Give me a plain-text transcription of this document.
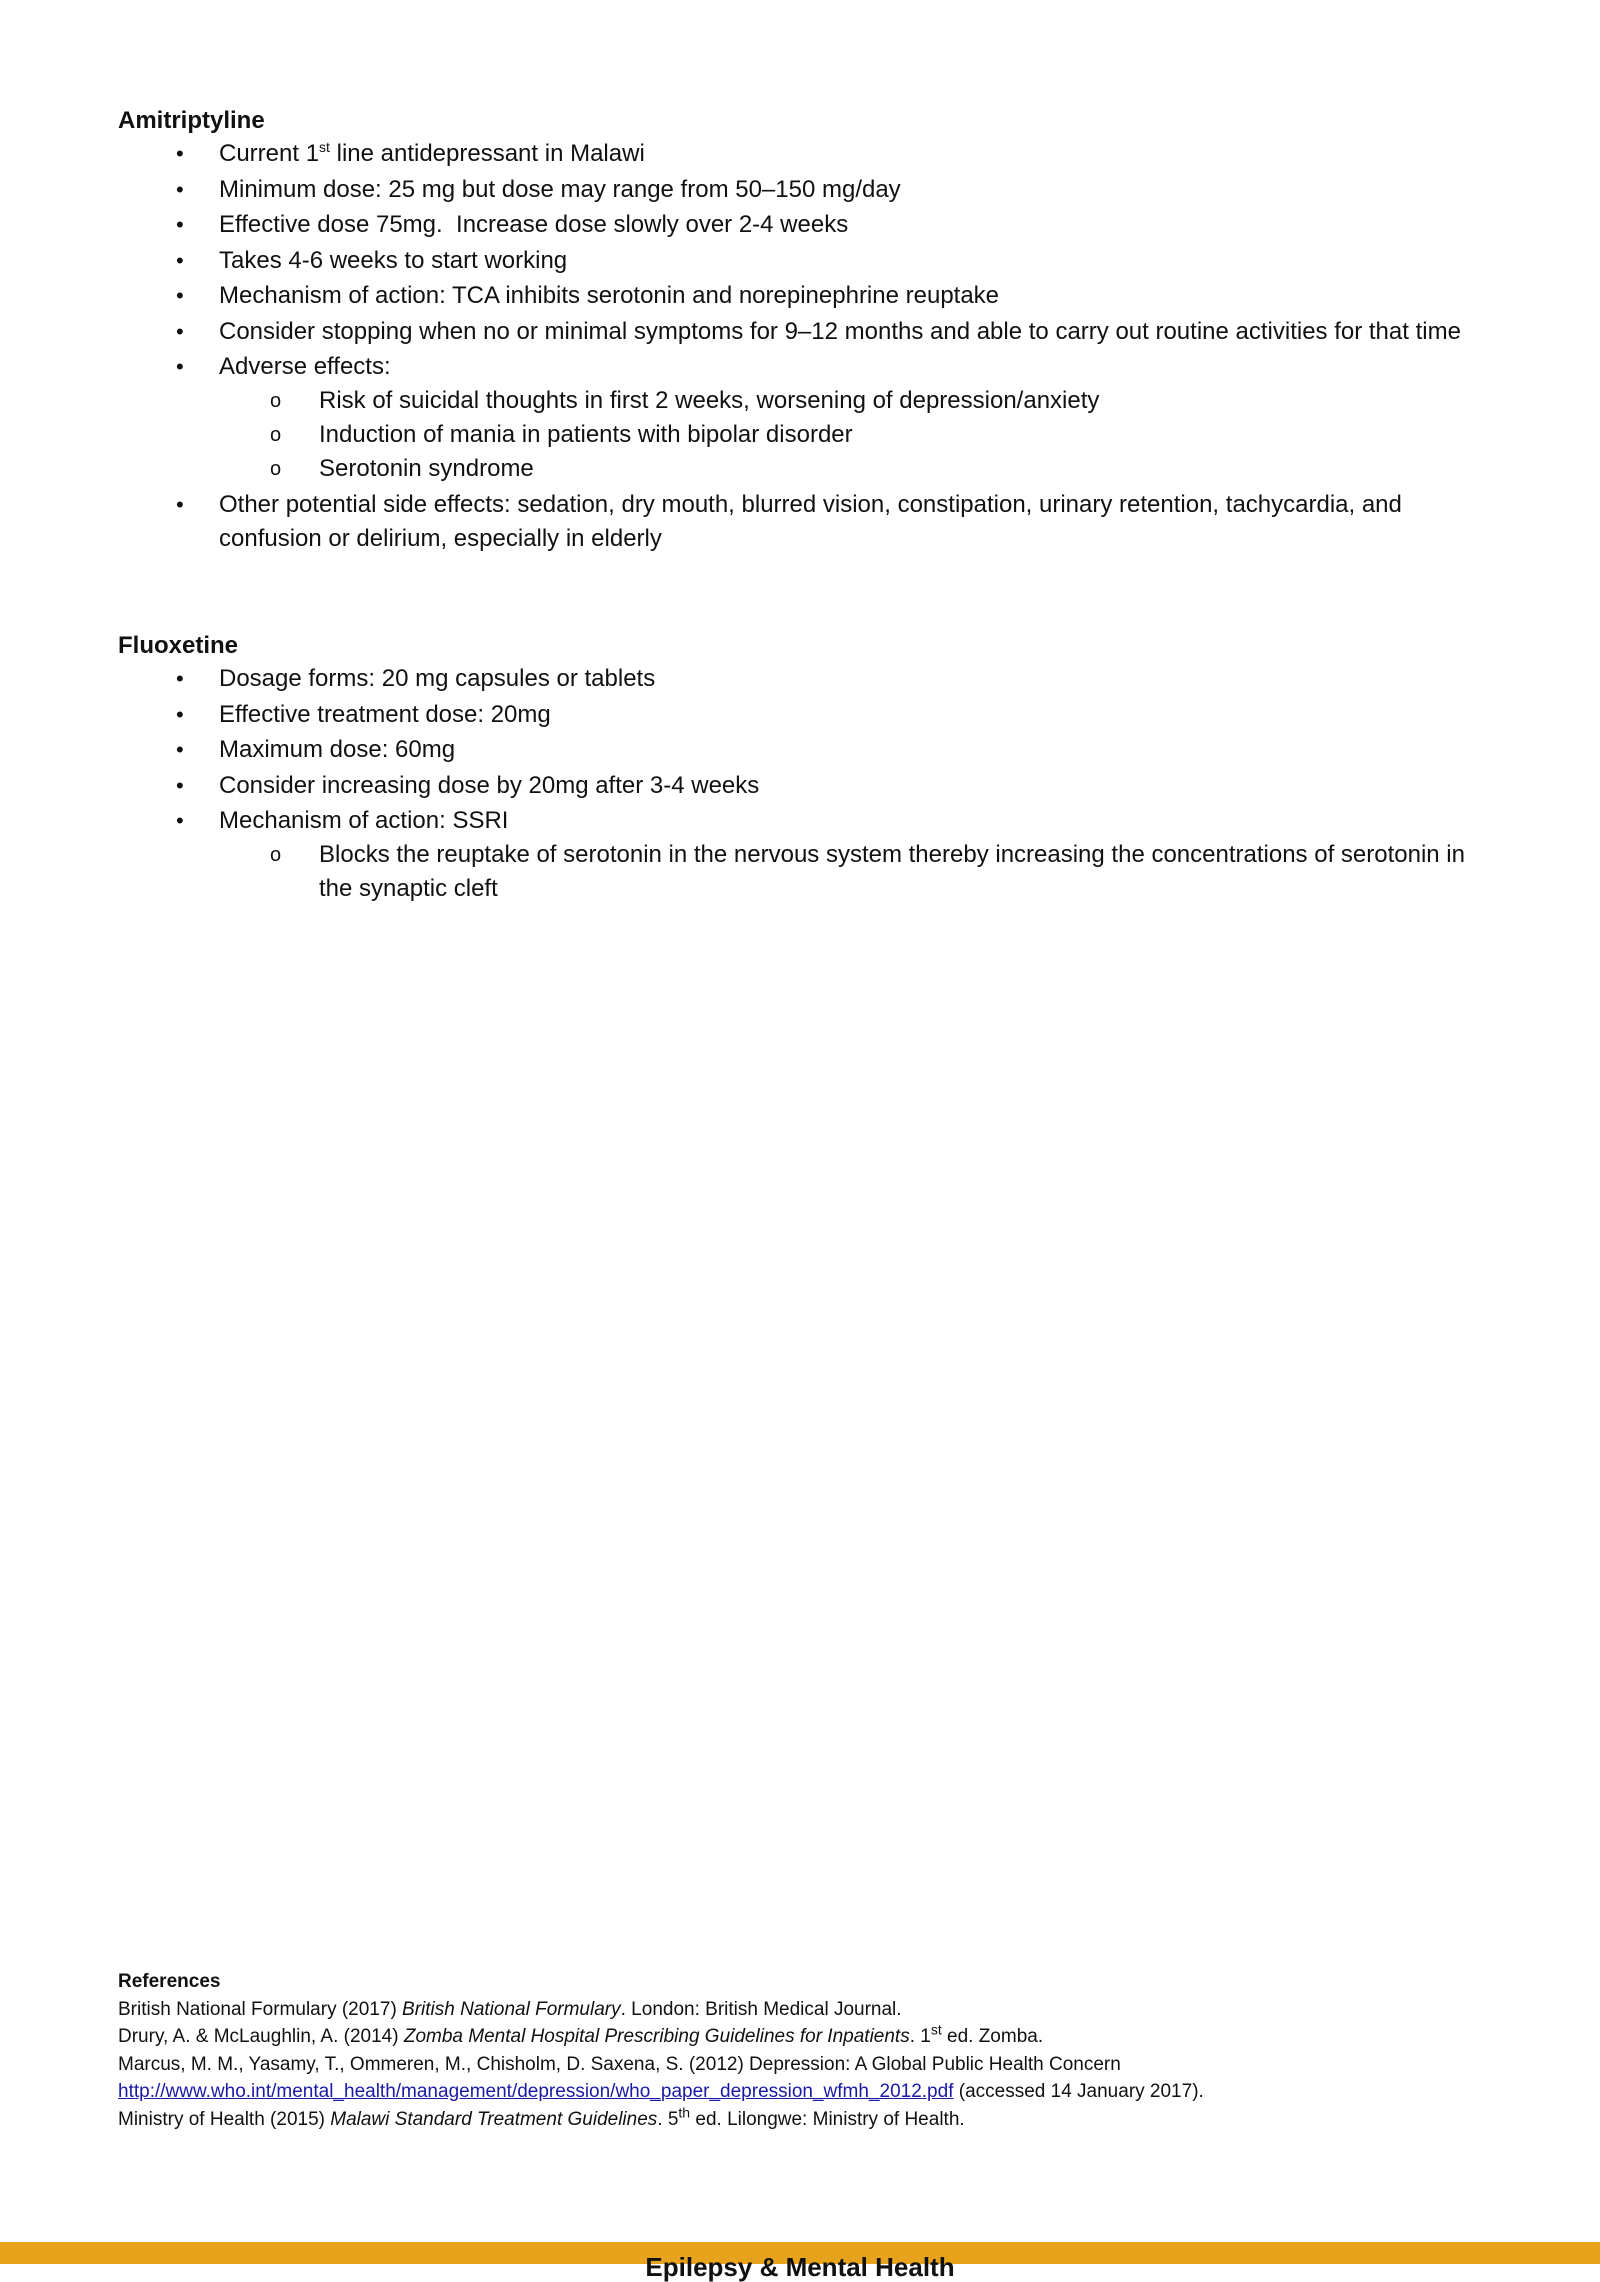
Amitriptyline
• Current 1st line antidepressant in Malawi
• Minimum dose: 25 mg but dose may range from 50–150 mg/day
• Effective dose 75mg.  Increase dose slowly over 2-4 weeks
• Takes 4-6 weeks to start working
• Mechanism of action: TCA inhibits serotonin and norepinephrine reuptake
• Consider stopping when no or minimal symptoms for 9–12 months and able to carry out routine activities for that time
• Adverse effects:
o Risk of suicidal thoughts in first 2 weeks, worsening of depression/anxiety
o Induction of mania in patients with bipolar disorder
o Serotonin syndrome
• Other potential side effects: sedation, dry mouth, blurred vision, constipation, urinary retention, tachycardia, and confusion or delirium, especially in elderly
Fluoxetine
• Dosage forms: 20 mg capsules or tablets
• Effective treatment dose: 20mg
• Maximum dose: 60mg
• Consider increasing dose by 20mg after 3-4 weeks
• Mechanism of action: SSRI
o Blocks the reuptake of serotonin in the nervous system thereby increasing the concentrations of serotonin in the synaptic cleft
References
British National Formulary (2017) British National Formulary. London: British Medical Journal.
Drury, A. & McLaughlin, A. (2014) Zomba Mental Hospital Prescribing Guidelines for Inpatients. 1st ed. Zomba.
Marcus, M. M., Yasamy, T., Ommeren, M., Chisholm, D. Saxena, S. (2012) Depression: A Global Public Health Concern
http://www.who.int/mental_health/management/depression/who_paper_depression_wfmh_2012.pdf (accessed 14 January 2017).
Ministry of Health (2015) Malawi Standard Treatment Guidelines. 5th ed. Lilongwe: Ministry of Health.
Epilepsy & Mental Health
